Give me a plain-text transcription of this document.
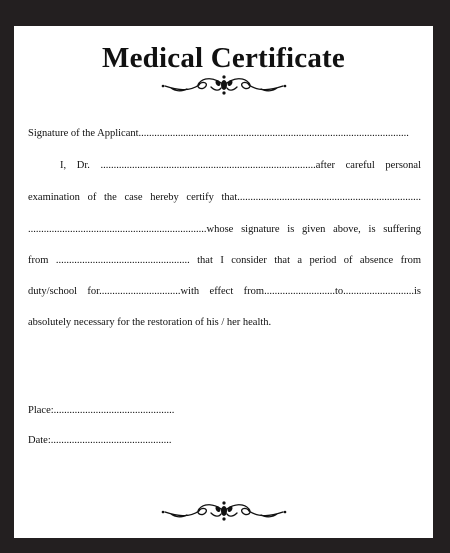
Medical Certificate
Signature of the Applicant.......................................................................................................
I, Dr. ..................................................................................after careful personal
examination of the case hereby certify that......................................................................
....................................................................whose signature is given above, is suffering
from ................................................... that I consider that a period of absence from
duty/school for...............................with effect from...........................to...........................is
absolutely necessary for the restoration of his / her health.
Place:..............................................
Date:..............................................
